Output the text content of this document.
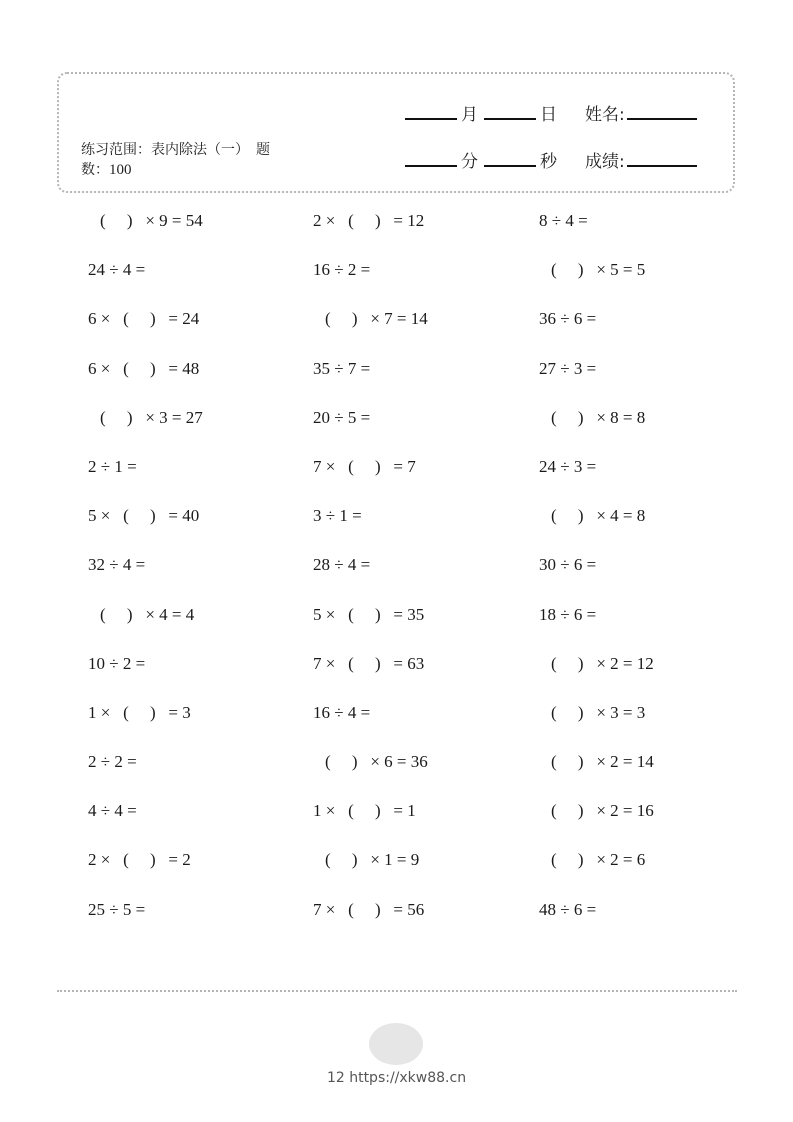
练习范围：表内除法（一）　题
数：100
月	日 姓名:
分	秒 成绩:
(     )   × 9 = 54	2 ×   (     )   = 12	8 ÷ 4 =
24 ÷ 4 =	16 ÷ 2 =	(     )   × 5 = 5
6 ×   (     )   = 24	(     )   × 7 = 14	36 ÷ 6 =
6 ×   (     )   = 48	35 ÷ 7 =	27 ÷ 3 =
(     )   × 3 = 27	20 ÷ 5 =	(     )   × 8 = 8
2 ÷ 1 =	7 ×   (     )   = 7	24 ÷ 3 =
5 ×   (     )   = 40	3 ÷ 1 =	(     )   × 4 = 8
32 ÷ 4 =	28 ÷ 4 =	30 ÷ 6 =
(     )   × 4 = 4	5 ×   (     )   = 35	18 ÷ 6 =
10 ÷ 2 =	7 ×   (     )   = 63	(     )   × 2 = 12
1 ×   (     )   = 3	16 ÷ 4 =	(     )   × 3 = 3
2 ÷ 2 =	(     )   × 6 = 36	(     )   × 2 = 14
4 ÷ 4 =	1 ×   (     )   = 1	(     )   × 2 = 16
2 ×   (     )   = 2	(     )   × 1 = 9	(     )   × 2 = 6
25 ÷ 5 =	7 ×   (     )   = 56	48 ÷ 6 =
12 https://xkw88.cn
